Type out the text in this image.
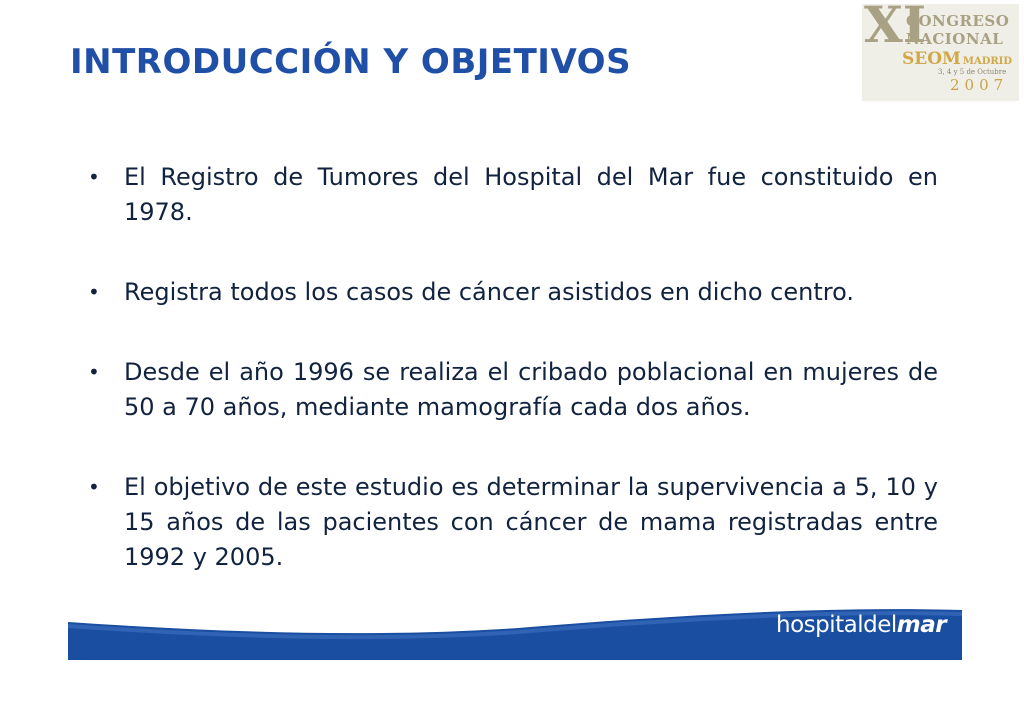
INTRODUCCIÓN Y OBJETIVOS
XI
CONGRESO
NACIONAL
SEOM MADRID
3, 4 y 5 de Octubre
2007
• El Registro de Tumores del Hospital del Mar fue constituido en 1978.
• Registra todos los casos de cáncer asistidos en dicho centro.
• Desde el año 1996 se realiza el cribado poblacional en mujeres de 50 a 70 años, mediante mamografía cada dos años.
• El objetivo de este estudio es determinar la supervivencia a 5, 10 y 15 años de las pacientes con cáncer de mama registradas entre 1992 y 2005.
hospitaldelmar
